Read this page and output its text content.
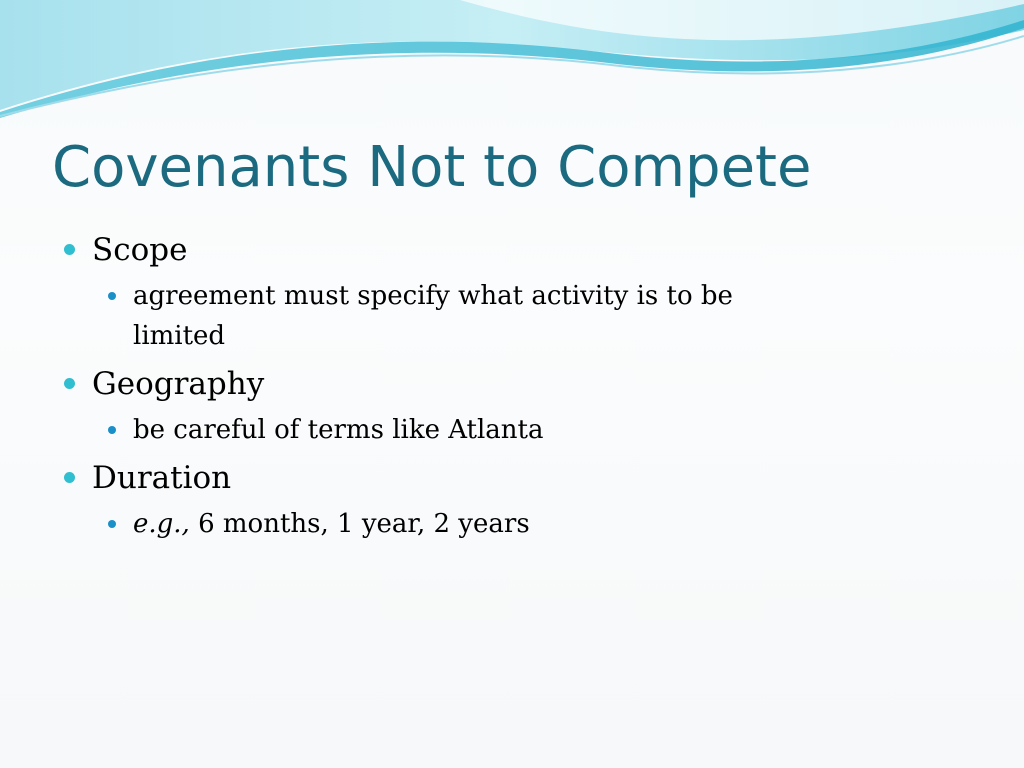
Covenants Not to Compete
Scope
agreement must specify what activity is to be limited
Geography
be careful of terms like Atlanta
Duration
e.g., 6 months, 1 year, 2 years
